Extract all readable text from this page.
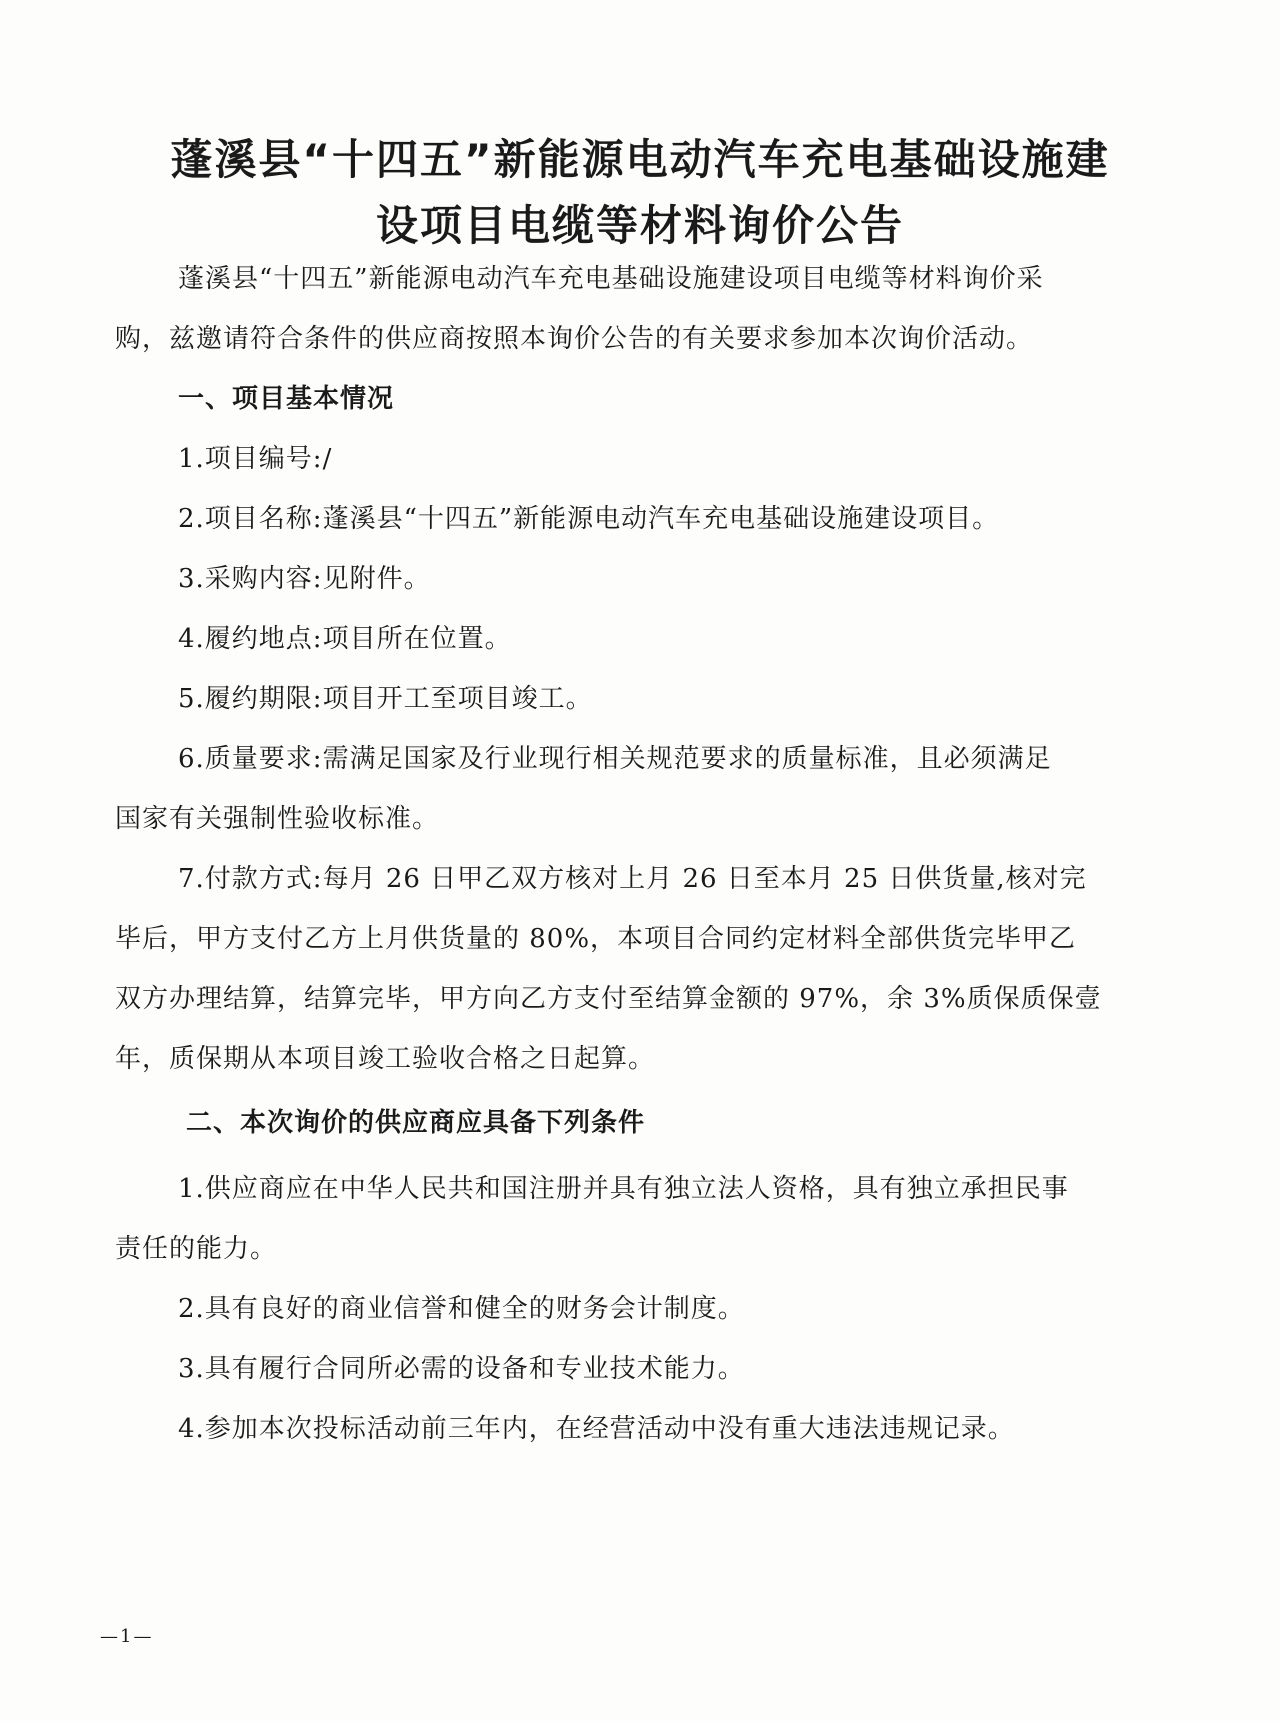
蓬溪县“十四五”新能源电动汽车充电基础设施建
设项目电缆等材料询价公告

蓬溪县“十四五”新能源电动汽车充电基础设施建设项目电缆等材料询价采

购，兹邀请符合条件的供应商按照本询价公告的有关要求参加本次询价活动。

一、项目基本情况

1.项目编号:/

2.项目名称:蓬溪县“十四五”新能源电动汽车充电基础设施建设项目。

3.采购内容:见附件。

4.履约地点:项目所在位置。

5.履约期限:项目开工至项目竣工。

6.质量要求:需满足国家及行业现行相关规范要求的质量标准，且必须满足

国家有关强制性验收标准。

7.付款方式:每月 26 日甲乙双方核对上月 26 日至本月 25 日供货量,核对完

毕后，甲方支付乙方上月供货量的 80%，本项目合同约定材料全部供货完毕甲乙

双方办理结算，结算完毕，甲方向乙方支付至结算金额的 97%，余 3%质保质保壹

年，质保期从本项目竣工验收合格之日起算。

二、本次询价的供应商应具备下列条件

1.供应商应在中华人民共和国注册并具有独立法人资格，具有独立承担民事

责任的能力。

2.具有良好的商业信誉和健全的财务会计制度。

3.具有履行合同所必需的设备和专业技术能力。

4.参加本次投标活动前三年内，在经营活动中没有重大违法违规记录。

—1—
